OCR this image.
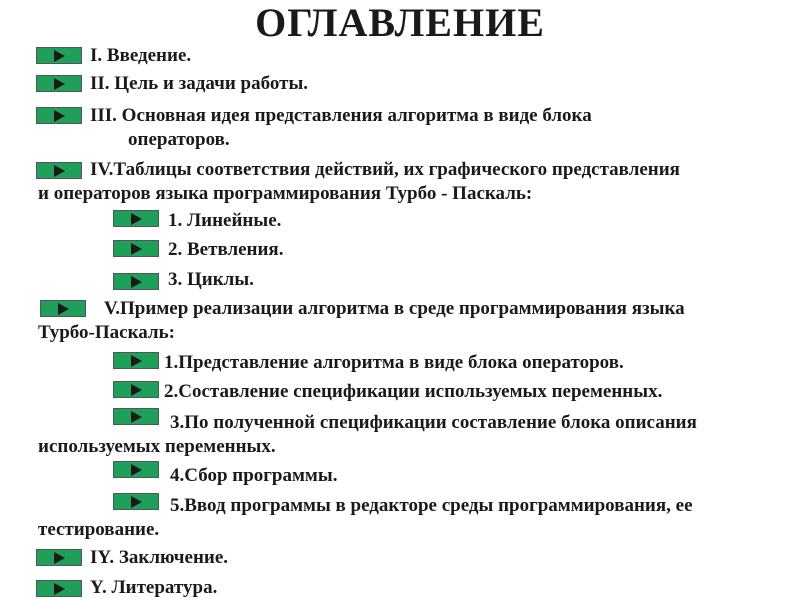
ОГЛАВЛЕНИЕ
I. Введение.
II. Цель и задачи работы.
III. Основная идея представления алгоритма в виде блока
операторов.
IV.Таблицы соответствия действий, их графического представления
и операторов языка программирования Турбо - Паскаль:
1. Линейные.
2. Ветвления.
3. Циклы.
V.Пример реализации алгоритма в среде программирования языка
Турбо-Паскаль:
1.Представление алгоритма в виде блока операторов.
2.Составление спецификации используемых переменных.
3.По полученной спецификации составление блока описания
используемых переменных.
4.Сбор программы.
5.Ввод программы в редакторе среды программирования, ее
тестирование.
IY. Заключение.
Y. Литература.
